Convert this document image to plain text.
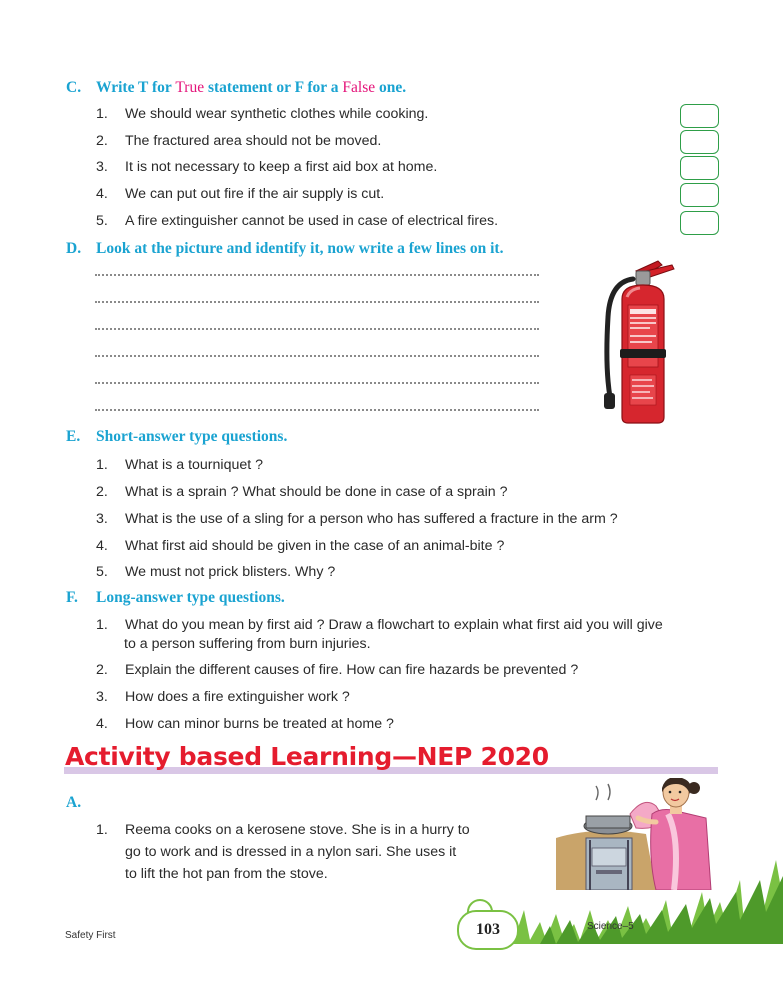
C. Write T for True statement or F for a False one.
1. We should wear synthetic clothes while cooking.
2. The fractured area should not be moved.
3. It is not necessary to keep a first aid box at home.
4. We can put out fire if the air supply is cut.
5. A fire extinguisher cannot be used in case of electrical fires.
D. Look at the picture and identify it, now write a few lines on it.
E. Short-answer type questions.
1. What is a tourniquet ?
2. What is a sprain ? What should be done in case of a sprain ?
3. What is the use of a sling for a person who has suffered a fracture in the arm ?
4. What first aid should be given in the case of an animal-bite ?
5. We must not prick blisters. Why ?
F. Long-answer type questions.
1. What do you mean by first aid ? Draw a flowchart to explain what first aid you will give
to a person suffering from burn injuries.
2. Explain the different causes of fire. How can fire hazards be prevented ?
3. How does a fire extinguisher work ?
4. How can minor burns be treated at home ?
Activity based Learning—NEP 2020
A.
1. Reema cooks on a kerosene stove. She is in a hurry to
go to work and is dressed in a nylon sari. She uses it
to lift the hot pan from the stove.
103
Safety First
Science–5
